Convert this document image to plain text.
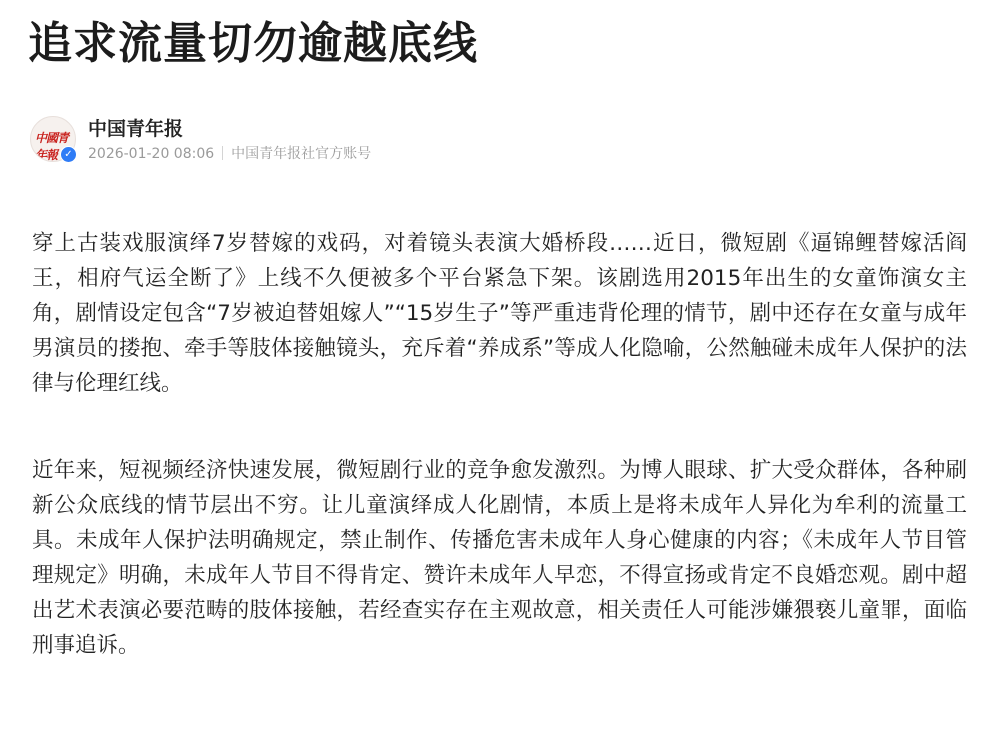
追求流量切勿逾越底线
中國青年報 ✓
中国青年报
2026-01-20 08:06 中国青年报社官方账号

穿上古装戏服演绎7岁替嫁的戏码，对着镜头表演大婚桥段……近日，微短剧《逼锦鲤替嫁活阎王，相府气运全断了》上线不久便被多个平台紧急下架。该剧选用2015年出生的女童饰演女主角，剧情设定包含“7岁被迫替姐嫁人”“15岁生子”等严重违背伦理的情节，剧中还存在女童与成年男演员的搂抱、牵手等肢体接触镜头，充斥着“养成系”等成人化隐喻，公然触碰未成年人保护的法律与伦理红线。

近年来，短视频经济快速发展，微短剧行业的竞争愈发激烈。为博人眼球、扩大受众群体，各种刷新公众底线的情节层出不穷。让儿童演绎成人化剧情，本质上是将未成年人异化为牟利的流量工具。未成年人保护法明确规定，禁止制作、传播危害未成年人身心健康的内容；《未成年人节目管理规定》明确，未成年人节目不得肯定、赞许未成年人早恋，不得宣扬或肯定不良婚恋观。剧中超出艺术表演必要范畴的肢体接触，若经查实存在主观故意，相关责任人可能涉嫌猥亵儿童罪，面临刑事追诉。
